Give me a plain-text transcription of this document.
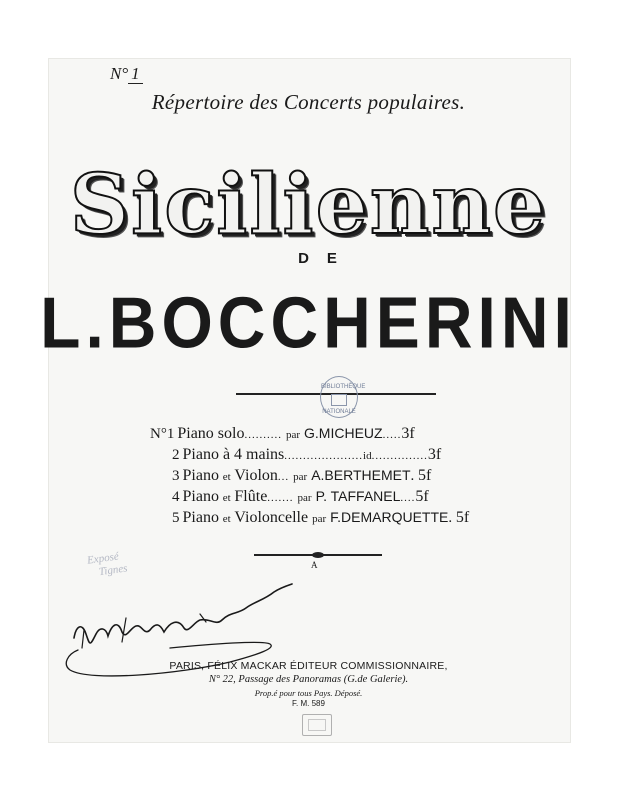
N° 1
Répertoire des Concerts populaires.
Sicilienne
DE
L.BOCCHERINI
BIBLIOTHÈQUE
NATIONALE
N°1 Piano solo.......... par G.MICHEUZ.....3f
2 Piano à 4 mains.....................id...............3f
3 Piano et Violon... par A.BERTHEMET. 5f
4 Piano et Flûte....... par P. TAFFANEL....5f
5 Piano et Violoncelle par F.DEMARQUETTE. 5f
A
Exposé
Tignes
PARIS, FÉLIX MACKAR ÉDITEUR COMMISSIONNAIRE,
N° 22, Passage des Panoramas (G.de Galerie).
Prop.é pour tous Pays. Déposé.
F. M. 589
